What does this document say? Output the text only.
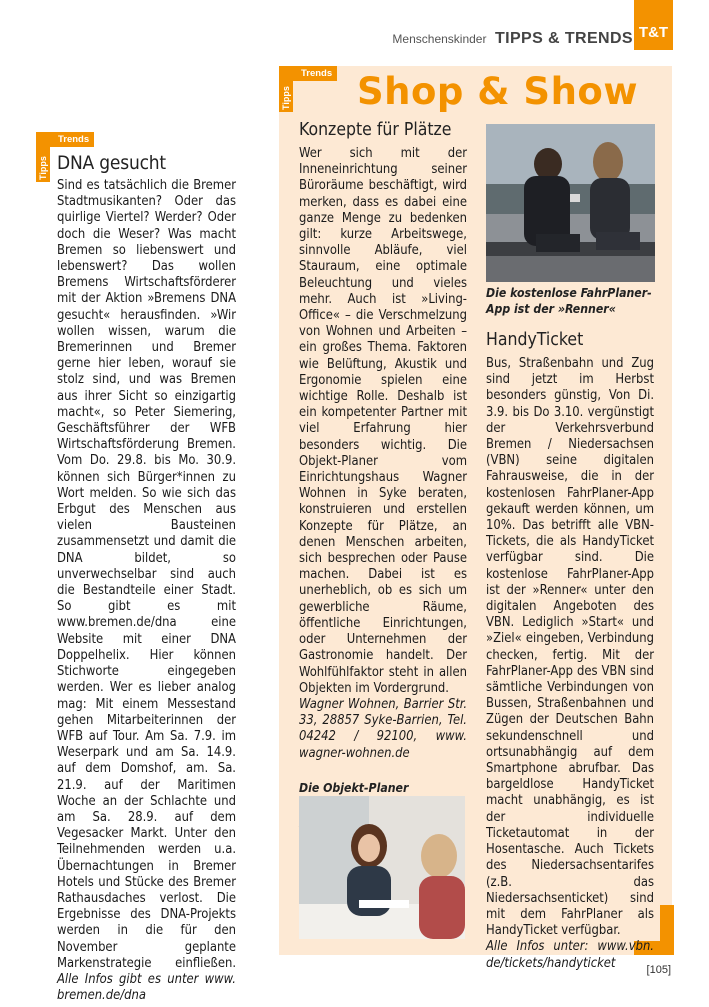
Menschenskinder TIPPS & TRENDS T&T
Tipps
Trends
DNA gesucht
Sind es tatsächlich die Bremer Stadtmusikanten? Oder das quirlige Viertel? Werder? Oder doch die Weser? Was macht Bremen so liebenswert und lebenswert? Das wollen Bremens Wirtschaftsförderer mit der Aktion »Bremens DNA gesucht« herausfinden. »Wir wollen wissen, warum die Bremerinnen und Bremer gerne hier leben, worauf sie stolz sind, und was Bremen aus ihrer Sicht so einzigartig macht«, so Peter Siemering, Geschäftsführer der WFB Wirtschaftsförderung Bremen. Vom Do. 29.8. bis Mo. 30.9. können sich Bürger*innen zu Wort melden. So wie sich das Erbgut des Menschen aus vielen Bausteinen zusammensetzt und damit die DNA bildet, so unverwechselbar sind auch die Bestandteile einer Stadt. So gibt es mit www.bremen.de/dna eine Website mit einer DNA Doppelhelix. Hier können Stichworte eingegeben werden. Wer es lieber analog mag: Mit einem Messestand gehen Mitarbeiterinnen der WFB auf Tour. Am Sa. 7.9. im Weserpark und am Sa. 14.9. auf dem Domshof, am. Sa. 21.9. auf der Maritimen Woche an der Schlachte und am Sa. 28.9. auf dem Vegesacker Markt. Unter den Teilnehmenden werden u.a. Übernachtungen in Bremer Hotels und Stücke des Bremer Rathausdaches verlost. Die Ergebnisse des DNA-Projekts werden in die für den November geplante Markenstrategie einfließen. Alle Infos gibt es unter www. bremen.de/dna
Tipps
Trends Shop & Show
Konzepte für Plätze
Wer sich mit der Inneneinrichtung seiner Büroräume beschäftigt, wird merken, dass es dabei eine ganze Menge zu bedenken gilt: kurze Arbeitswege, sinnvolle Abläufe, viel Stauraum, eine optimale Beleuchtung und vieles mehr. Auch ist »Living-Office« – die Verschmelzung von Wohnen und Arbeiten – ein großes Thema. Faktoren wie Belüftung, Akustik und Ergonomie spielen eine wichtige Rolle. Deshalb ist ein kompetenter Partner mit viel Erfahrung hier besonders wichtig. Die Objekt-Planer vom Einrichtungshaus Wagner Wohnen in Syke beraten, konstruieren und erstellen Konzepte für Plätze, an denen Menschen arbeiten, sich besprechen oder Pause machen. Dabei ist es unerheblich, ob es sich um gewerbliche Räume, öffentliche Einrichtungen, oder Unternehmen der Gastronomie handelt. Der Wohlfühlfaktor steht in allen Objekten im Vordergrund.
Wagner Wohnen, Barrier Str. 33, 28857 Syke-Barrien, Tel. 04242 / 92100, www. wagner-wohnen.de
Die Objekt-Planer
Die kostenlose FahrPlaner-App ist der »Renner«
HandyTicket
Bus, Straßenbahn und Zug sind jetzt im Herbst besonders günstig, Von Di. 3.9. bis Do 3.10. vergünstigt der Verkehrsverbund Bremen / Niedersachsen (VBN) seine digitalen Fahrausweise, die in der kostenlosen FahrPlaner-App gekauft werden können, um 10%. Das betrifft alle VBN-Tickets, die als HandyTicket verfügbar sind. Die kostenlose FahrPlaner-App ist der »Renner« unter den digitalen Angeboten des VBN. Lediglich »Start« und »Ziel« eingeben, Verbindung checken, fertig. Mit der FahrPlaner-App des VBN sind sämtliche Verbindungen von Bussen, Straßenbahnen und Zügen der Deutschen Bahn sekundenschnell und ortsunabhängig auf dem Smartphone abrufbar. Das bargeldlose HandyTicket macht unabhängig, es ist der individuelle Ticketautomat in der Hosentasche. Auch Tickets des Niedersachsentarifes (z.B. das Niedersachsenticket) sind mit dem FahrPlaner als HandyTicket verfügbar.
Alle Infos unter: www.vbn. de/tickets/handyticket	[105]
